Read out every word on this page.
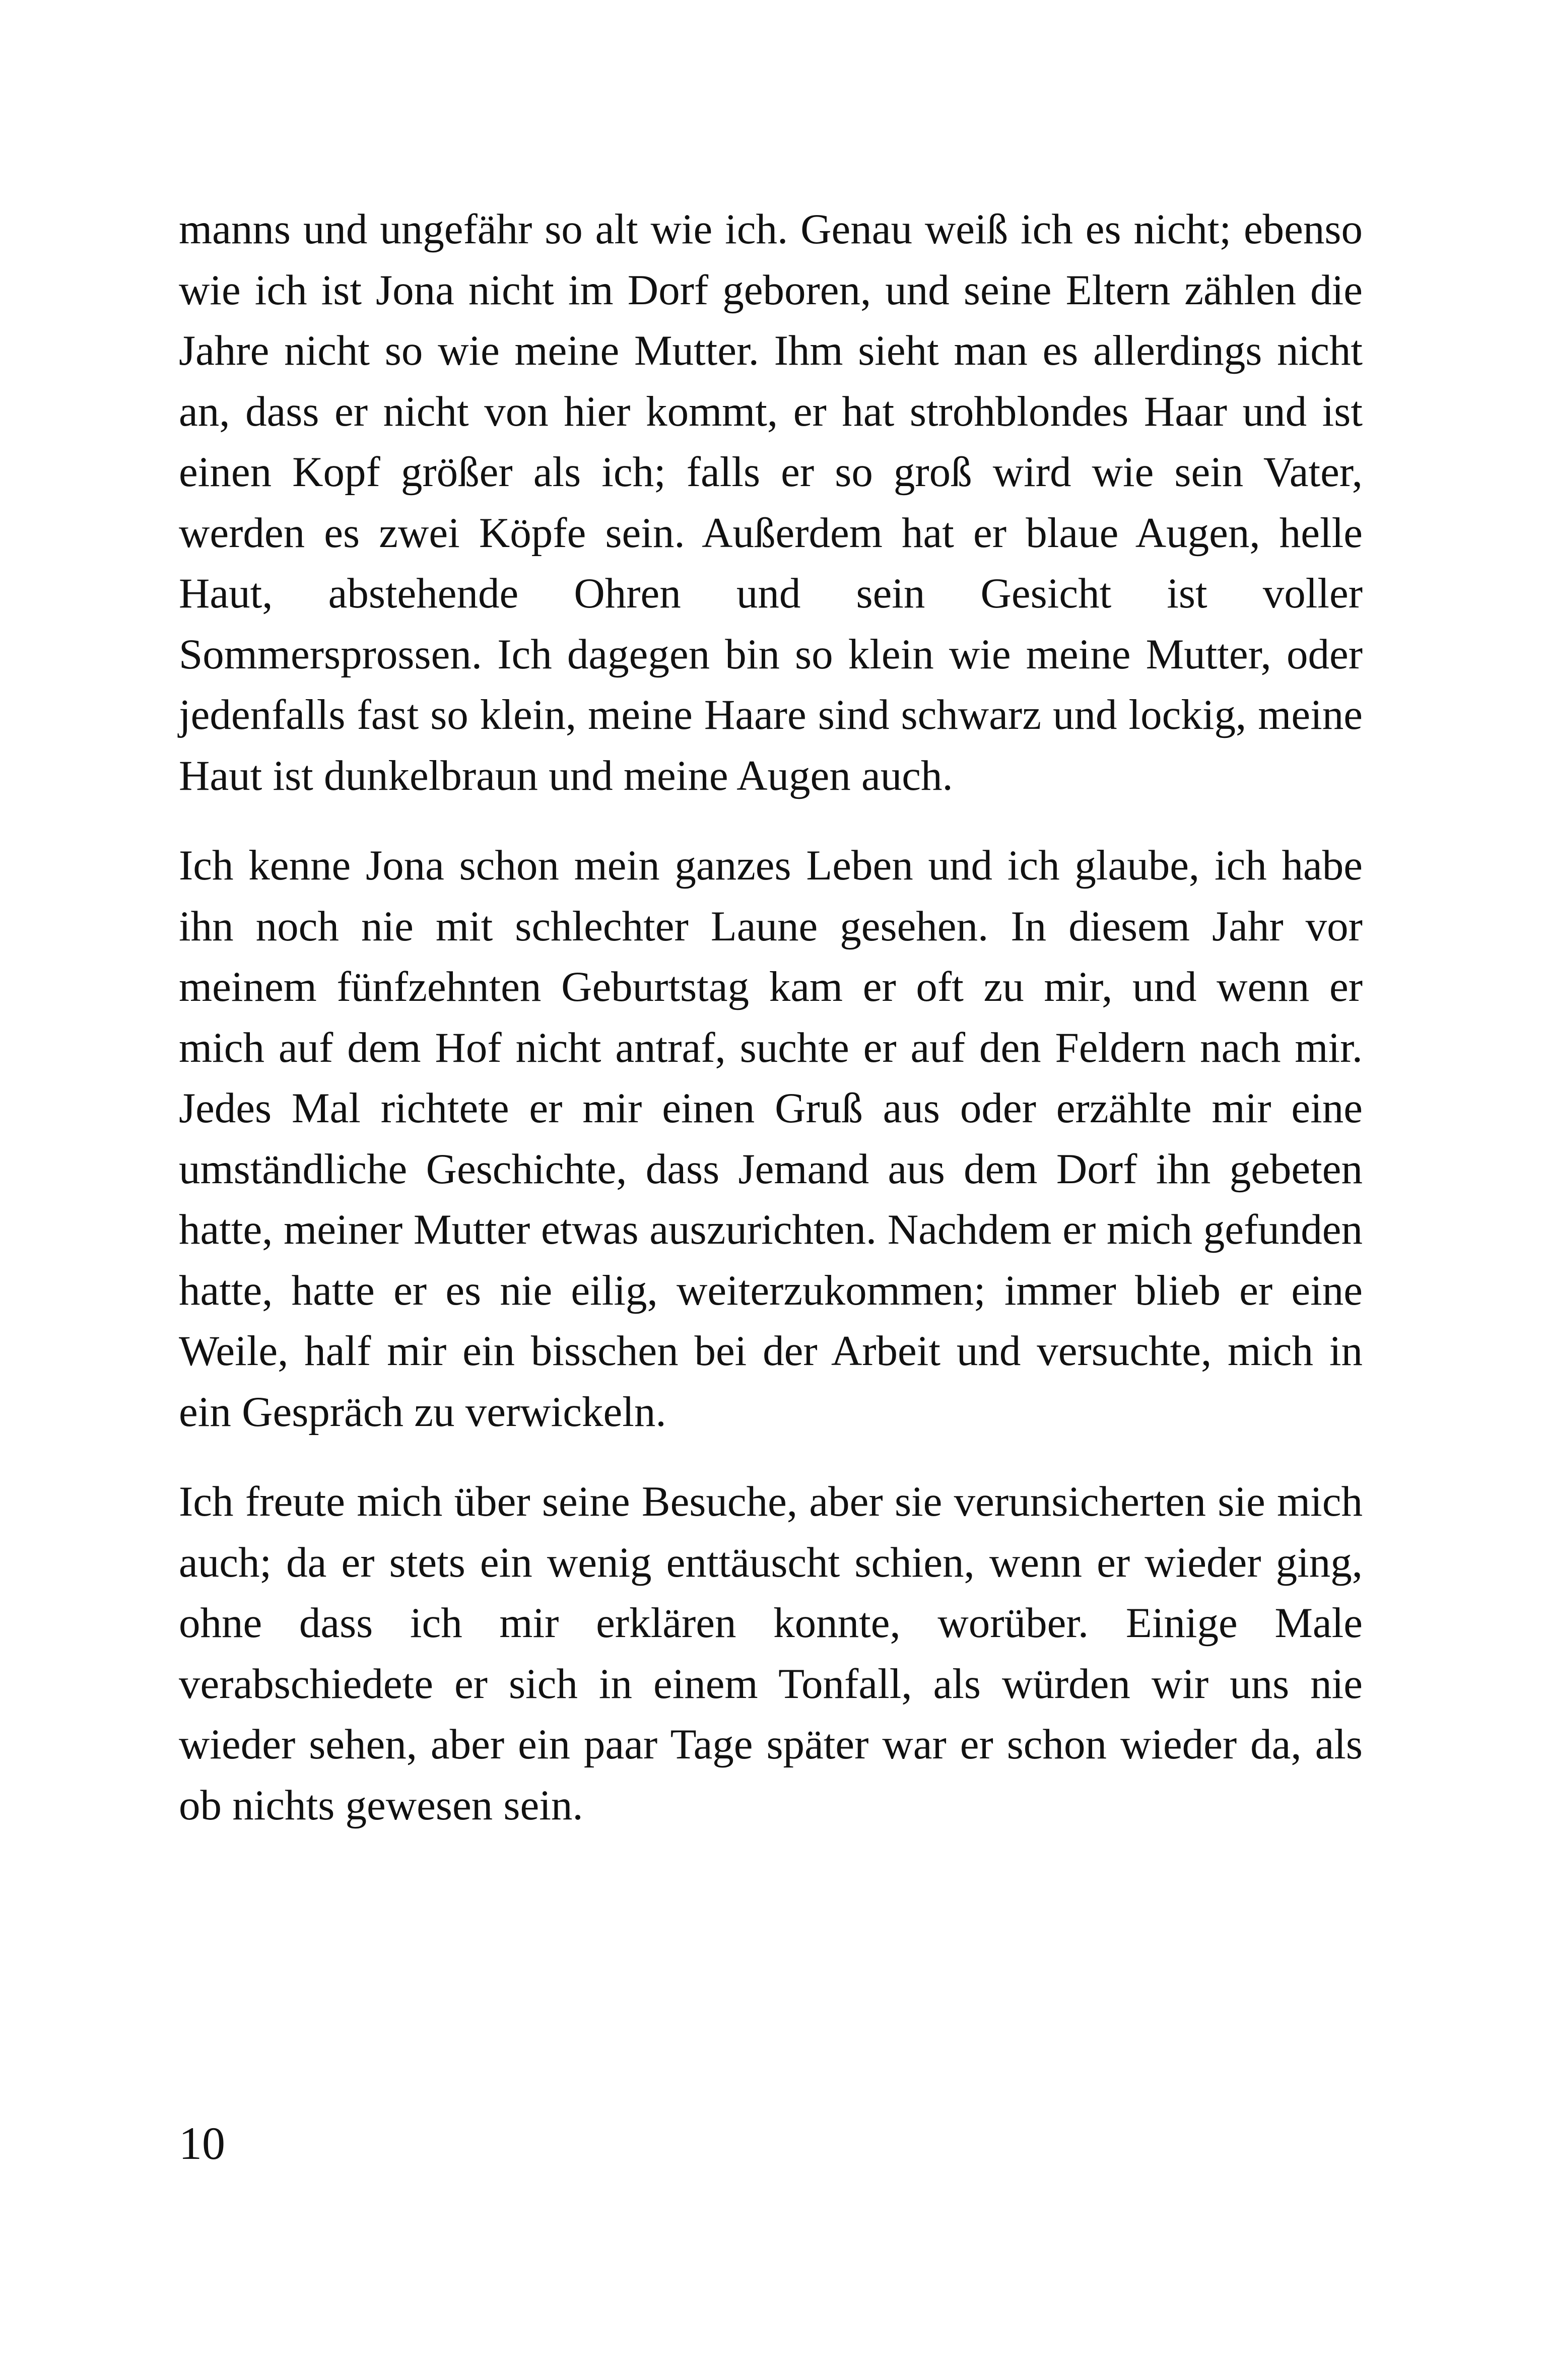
manns und ungefähr so alt wie ich. Genau weiß ich es nicht; ebenso wie ich ist Jona nicht im Dorf geboren, und seine Eltern zählen die Jahre nicht so wie meine Mutter. Ihm sieht man es allerdings nicht an, dass er nicht von hier kommt, er hat strohblondes Haar und ist einen Kopf größer als ich; falls er so groß wird wie sein Vater, werden es zwei Köpfe sein. Außerdem hat er blaue Augen, helle Haut, abstehende Ohren und sein Gesicht ist voller Sommersprossen. Ich dagegen bin so klein wie meine Mutter, oder jedenfalls fast so klein, meine Haare sind schwarz und lockig, meine Haut ist dunkelbraun und meine Augen auch.

Ich kenne Jona schon mein ganzes Leben und ich glaube, ich habe ihn noch nie mit schlechter Laune gesehen. In diesem Jahr vor meinem fünfzehnten Geburtstag kam er oft zu mir, und wenn er mich auf dem Hof nicht antraf, suchte er auf den Feldern nach mir. Jedes Mal richtete er mir einen Gruß aus oder erzählte mir eine umständliche Geschichte, dass Jemand aus dem Dorf ihn gebeten hatte, meiner Mutter etwas auszurichten. Nachdem er mich gefunden hatte, hatte er es nie eilig, weiterzukommen; immer blieb er eine Weile, half mir ein bisschen bei der Arbeit und versuchte, mich in ein Gespräch zu verwickeln.

Ich freute mich über seine Besuche, aber sie verunsicherten sie mich auch; da er stets ein wenig enttäuscht schien, wenn er wieder ging, ohne dass ich mir erklären konnte, worüber. Einige Male verabschiedete er sich in einem Tonfall, als würden wir uns nie wieder sehen, aber ein paar Tage später war er schon wieder da, als ob nichts gewesen sein.

10
